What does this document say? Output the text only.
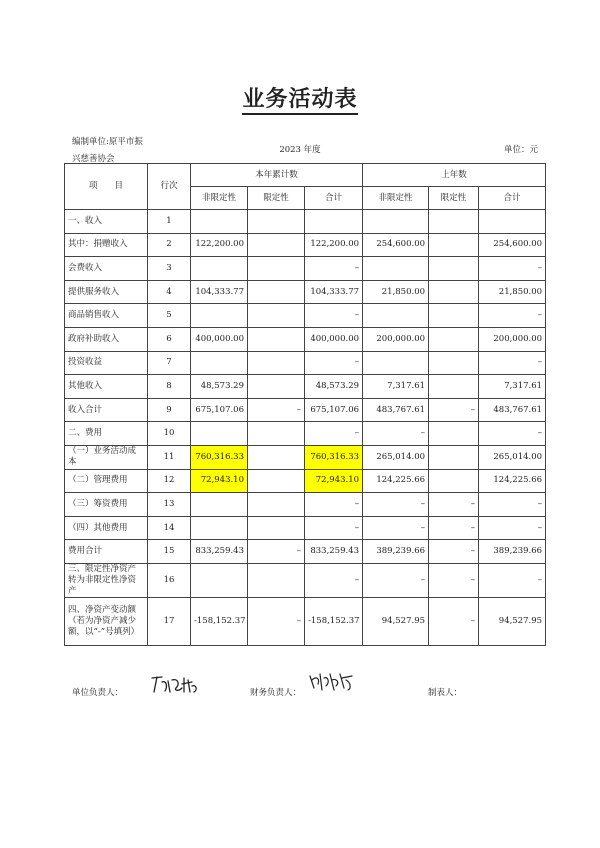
业务活动表
编制单位:原平市振
兴慈善协会
2023 年度	单位：元
项　　目	行次	本年累计数			上年数		
		非限定性	限定性	合计	非限定性	限定性	合计
一、收入	1						
其中：捐赠收入	2	122,200.00		122,200.00	254,600.00		254,600.00
会费收入	3			–			–
提供服务收入	4	104,333.77		104,333.77	21,850.00		21,850.00
商品销售收入	5			–			–
政府补助收入	6	400,000.00		400,000.00	200,000.00		200,000.00
投资收益	7			–			–
其他收入	8	48,573.29		48,573.29	7,317.61		7,317.61
收入合计	9	675,107.06	–	675,107.06	483,767.61	–	483,767.61
二、费用	10			–	–		–
（一）业务活动成本	11	760,316.33		760,316.33	265,014.00		265,014.00
（二）管理费用	12	72,943.10		72,943.10	124,225.66		124,225.66
（三）筹资费用	13			–	–	–	–
（四）其他费用	14			–	–	–	–
费用合计	15	833,259.43	–	833,259.43	389,239.66	–	389,239.66
三、限定性净资产转为非限定性净资产	16			–	–	–	–
四、净资产变动额（若为净资产减少额，以“-”号填列）	17	-158,152.37	–	-158,152.37	94,527.95	–	94,527.95
单位负责人：	财务负责人：	制表人：
